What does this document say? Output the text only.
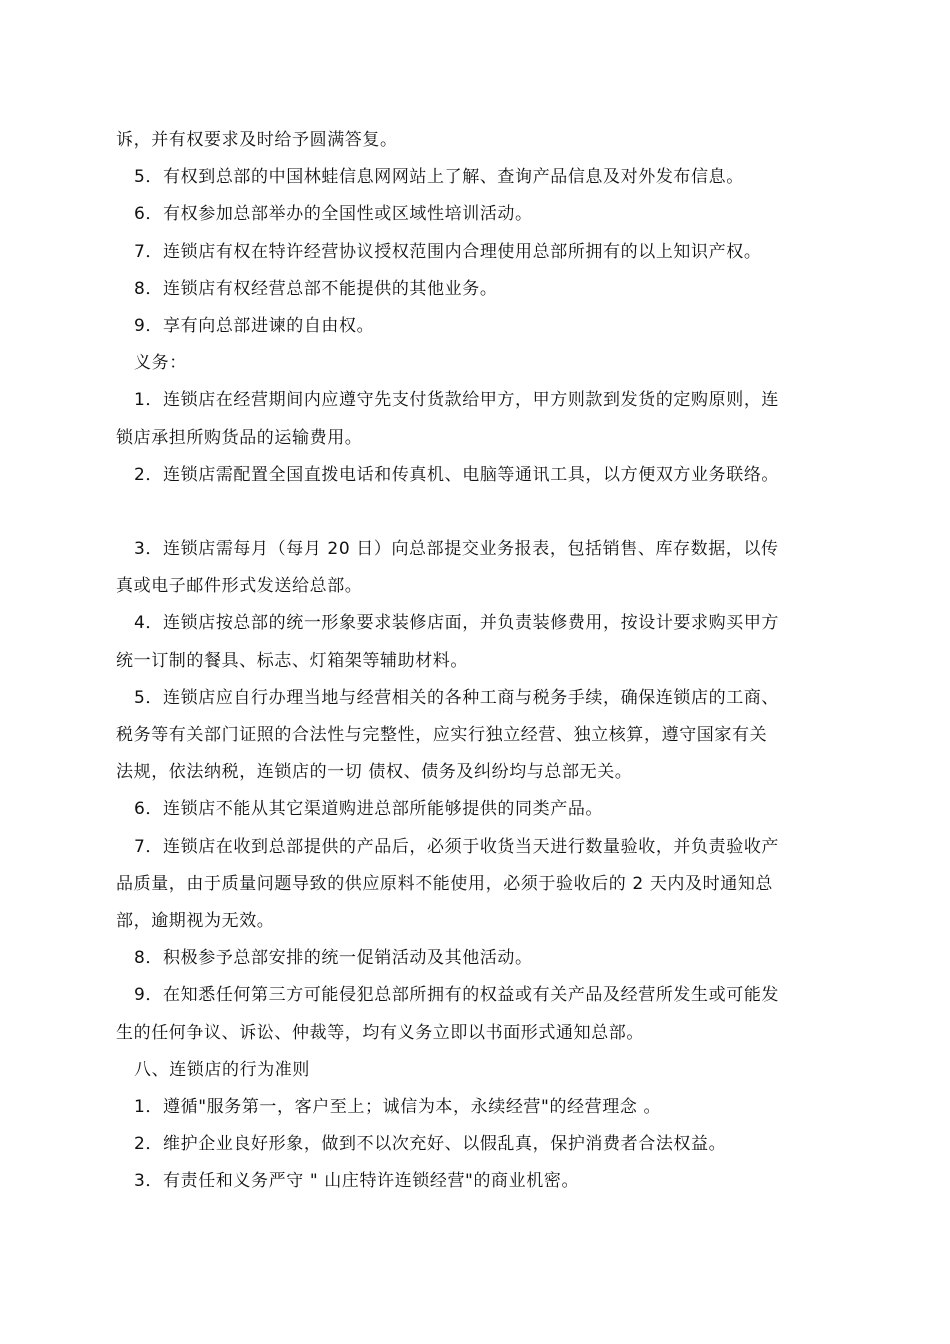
诉，并有权要求及时给予圆满答复。
5．有权到总部的中国林蛙信息网网站上了解、查询产品信息及对外发布信息。
6．有权参加总部举办的全国性或区域性培训活动。
7．连锁店有权在特许经营协议授权范围内合理使用总部所拥有的以上知识产权。
8．连锁店有权经营总部不能提供的其他业务。
9．享有向总部进谏的自由权。
义务：
1．连锁店在经营期间内应遵守先支付货款给甲方，甲方则款到发货的定购原则，连
锁店承担所购货品的运输费用。
2．连锁店需配置全国直拨电话和传真机、电脑等通讯工具，以方便双方业务联络。
3．连锁店需每月（每月 20 日）向总部提交业务报表，包括销售、库存数据，以传
真或电子邮件形式发送给总部。
4．连锁店按总部的统一形象要求装修店面，并负责装修费用，按设计要求购买甲方
统一订制的餐具、标志、灯箱架等辅助材料。
5．连锁店应自行办理当地与经营相关的各种工商与税务手续，确保连锁店的工商、
税务等有关部门证照的合法性与完整性，应实行独立经营、独立核算，遵守国家有关
法规，依法纳税，连锁店的一切 债权、债务及纠纷均与总部无关。
6．连锁店不能从其它渠道购进总部所能够提供的同类产品。
7．连锁店在收到总部提供的产品后，必须于收货当天进行数量验收，并负责验收产
品质量，由于质量问题导致的供应原料不能使用，必须于验收后的 2 天内及时通知总
部，逾期视为无效。
8．积极参予总部安排的统一促销活动及其他活动。
9．在知悉任何第三方可能侵犯总部所拥有的权益或有关产品及经营所发生或可能发
生的任何争议、诉讼、仲裁等，均有义务立即以书面形式通知总部。
八、连锁店的行为准则
1．遵循"服务第一，客户至上；诚信为本，永续经营"的经营理念 。
2．维护企业良好形象，做到不以次充好、以假乱真，保护消费者合法权益。
3．有责任和义务严守 " 山庄特许连锁经营"的商业机密。
